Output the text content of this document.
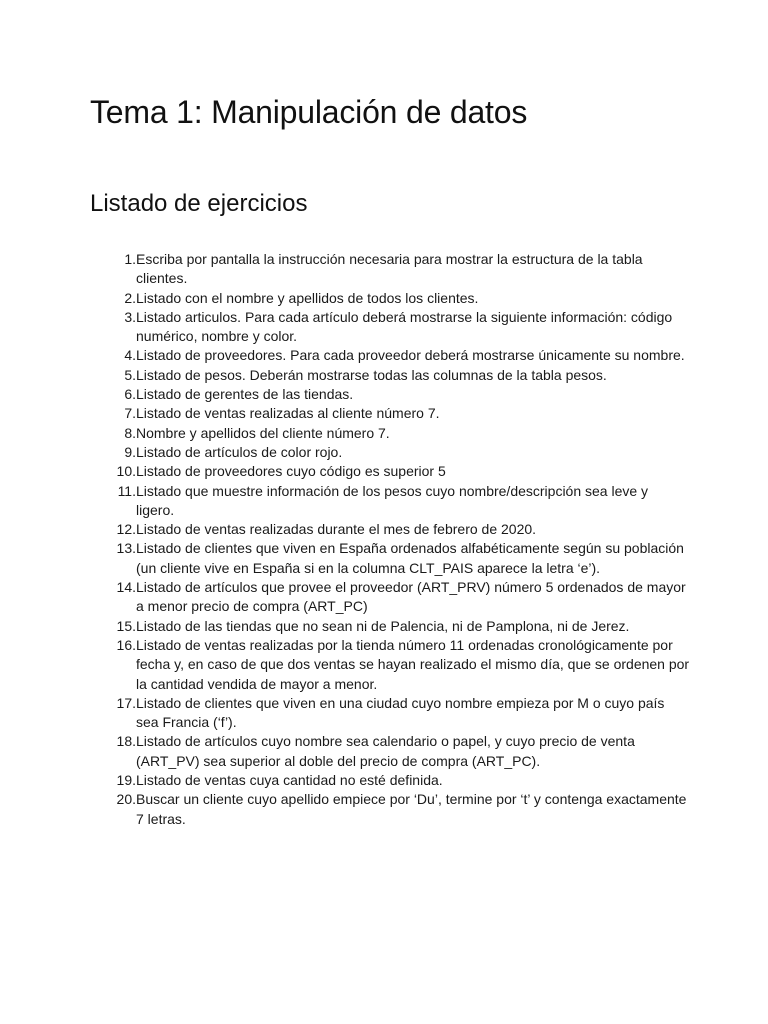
Tema 1: Manipulación de datos
Listado de ejercicios
1. Escriba por pantalla la instrucción necesaria para mostrar la estructura de la tabla clientes.
2. Listado con el nombre y apellidos de todos los clientes.
3. Listado articulos. Para cada artículo deberá mostrarse la siguiente información: código numérico, nombre y color.
4. Listado de proveedores. Para cada proveedor deberá mostrarse únicamente su nombre.
5. Listado de pesos. Deberán mostrarse todas las columnas de la tabla pesos.
6. Listado de gerentes de las tiendas.
7. Listado de ventas realizadas al cliente número 7.
8. Nombre y apellidos del cliente número 7.
9. Listado de artículos de color rojo.
10. Listado de proveedores cuyo código es superior 5
11. Listado que muestre información de los pesos cuyo nombre/descripción sea leve y ligero.
12. Listado de ventas realizadas durante el mes de febrero de 2020.
13. Listado de clientes que viven en España ordenados alfabéticamente según su población (un cliente vive en España si en la columna CLT_PAIS aparece la letra ‘e’).
14. Listado de artículos que provee el proveedor (ART_PRV) número 5 ordenados de mayor a menor precio de compra (ART_PC)
15. Listado de las tiendas que no sean ni de Palencia, ni de Pamplona, ni de Jerez.
16. Listado de ventas realizadas por la tienda número 11 ordenadas cronológicamente por fecha y, en caso de que dos ventas se hayan realizado el mismo día, que se ordenen por la cantidad vendida de mayor a menor.
17. Listado de clientes que viven en una ciudad cuyo nombre empieza por M o cuyo país sea Francia (‘f’).
18. Listado de artículos cuyo nombre sea calendario o papel, y cuyo precio de venta (ART_PV) sea superior al doble del precio de compra (ART_PC).
19. Listado de ventas cuya cantidad no esté definida.
20. Buscar un cliente cuyo apellido empiece por ‘Du’, termine por ‘t’ y contenga exactamente 7 letras.
